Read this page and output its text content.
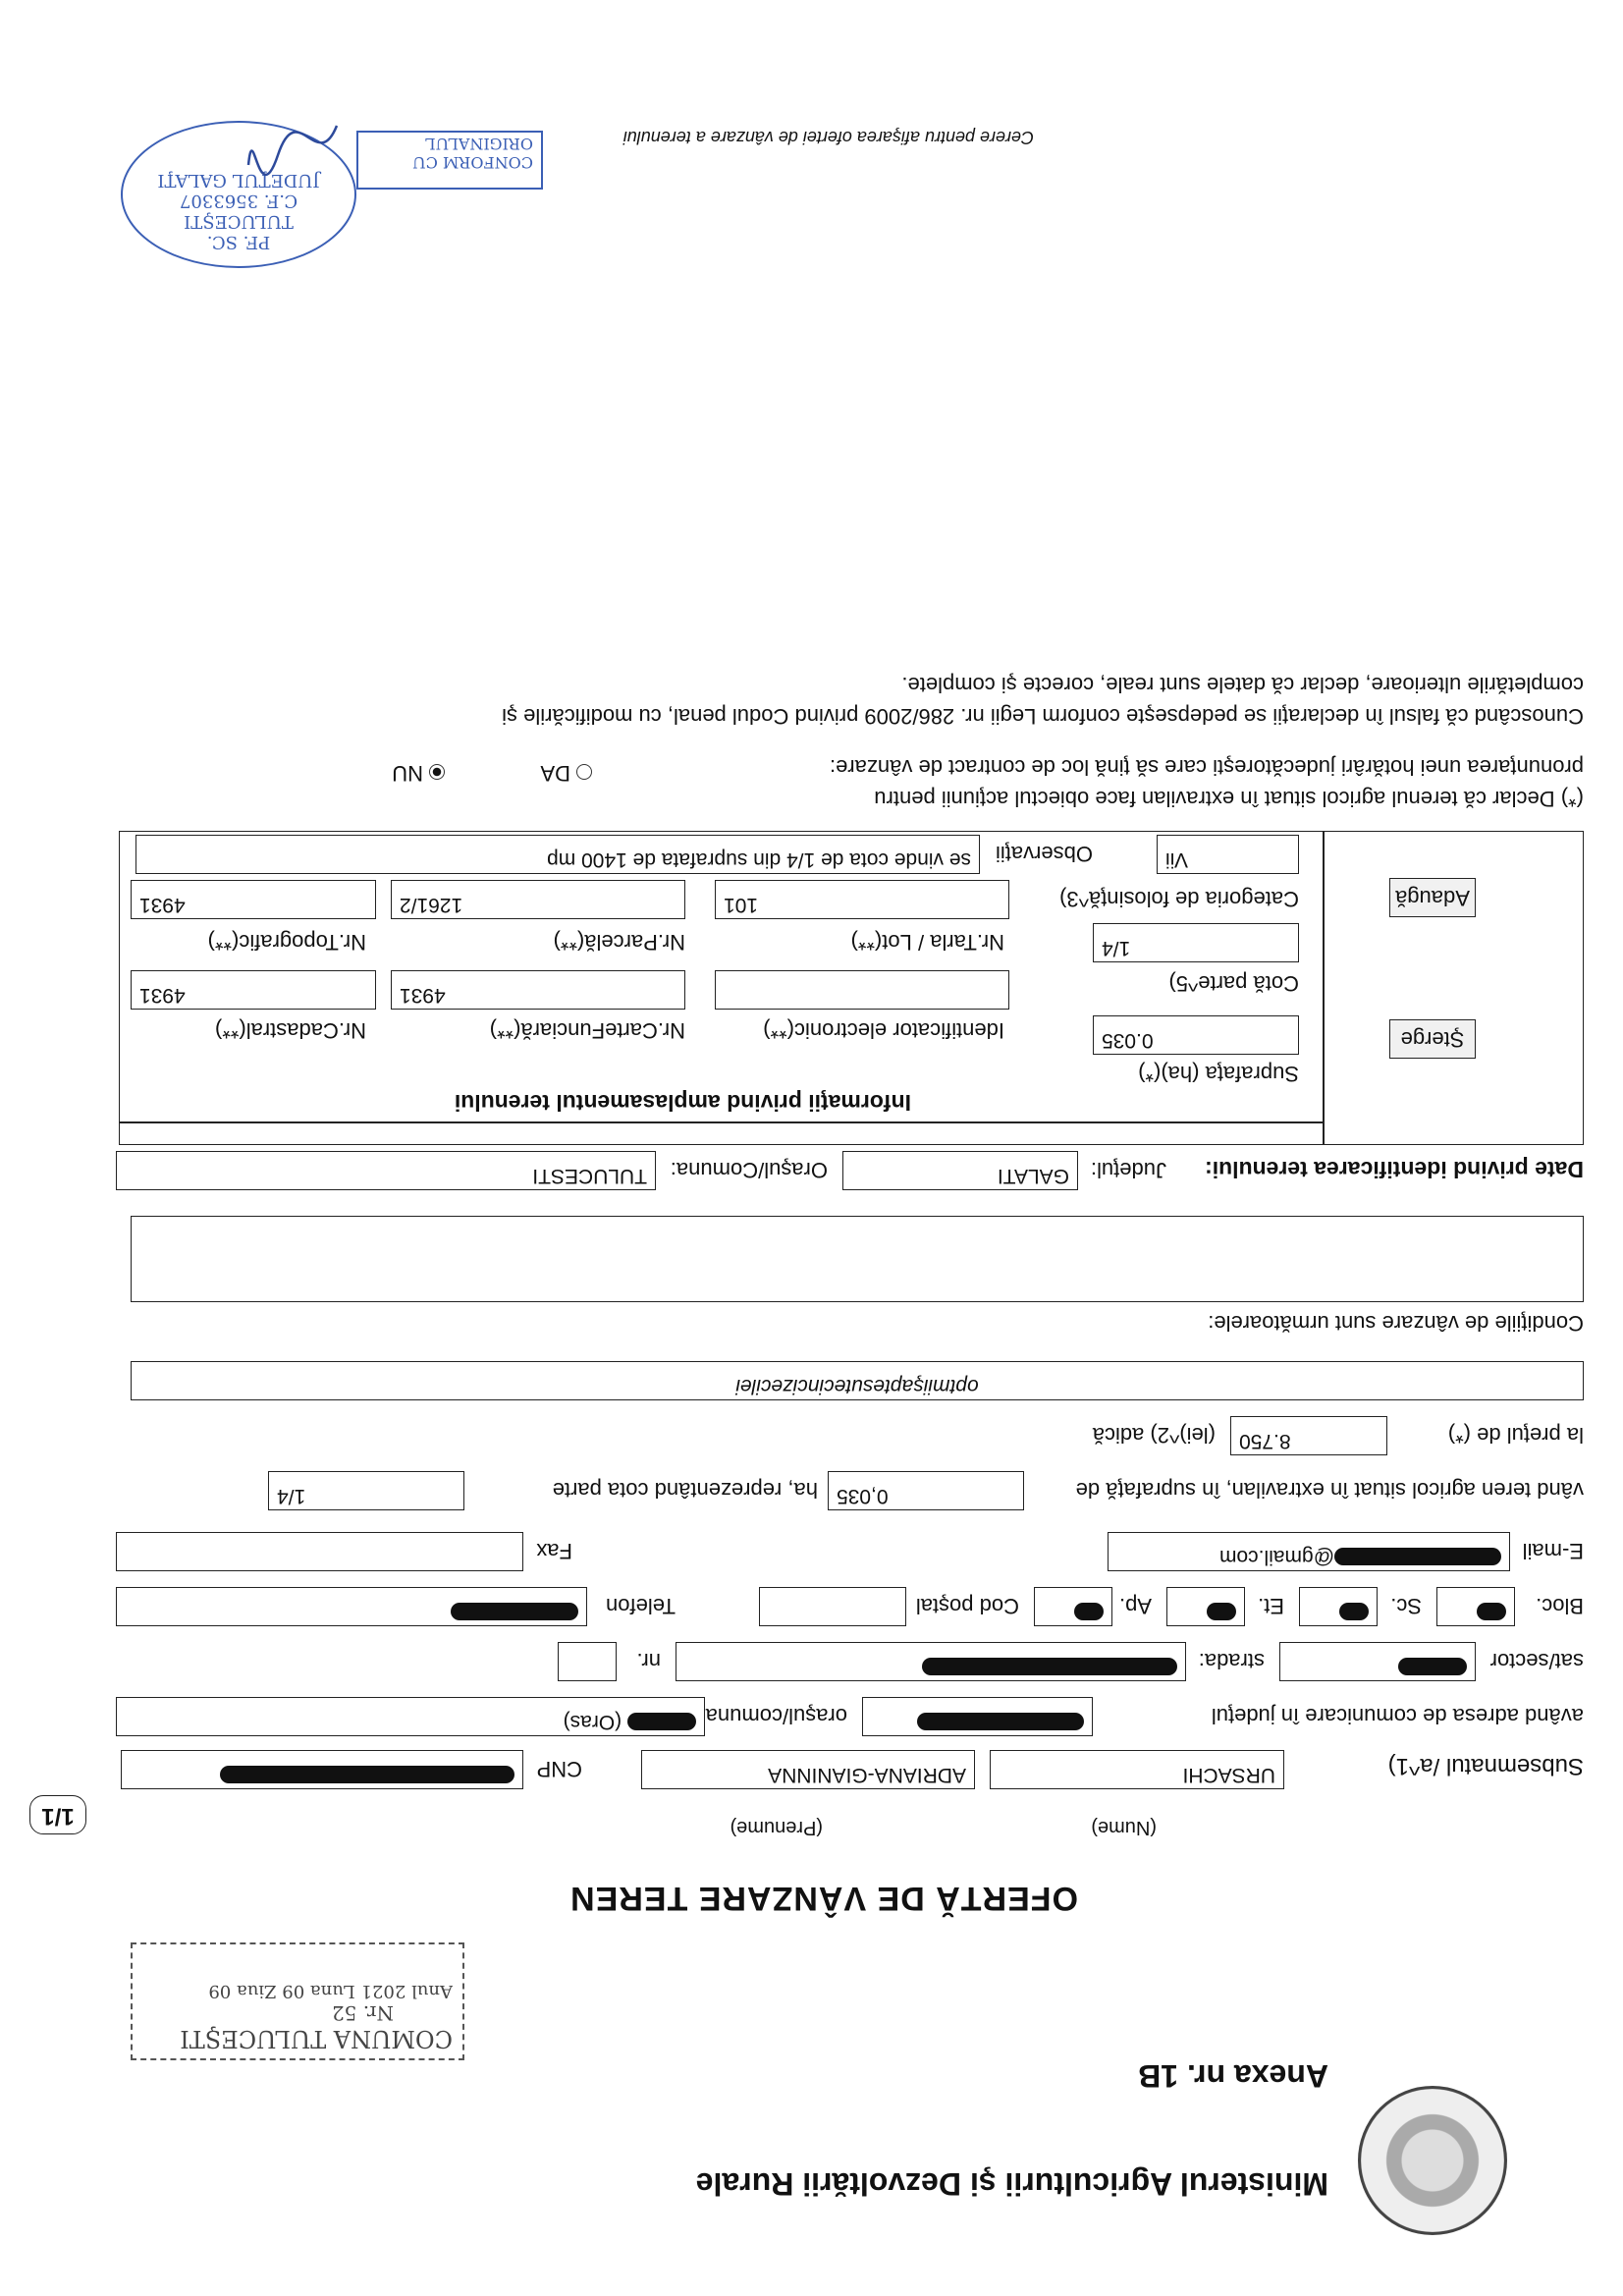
Ministerul Agriculturii şi Dezvoltării Rurale
Anexa nr. 1B
COMUNA TULUCEŞTI
Nr. 52
Anul 2021 Luna 09 Ziua 09
OFERTĂ DE VÂNZARE TEREN
(Nume)
(Prenume)
1/1
Subsemnatul /a^1)
URSACHI
ADRIANA-GIANINNA
CNP
având adresa de comunicare în judeţul
oraşul/comuna
(Oras)
sat/sector
strada:
nr.
Bloc.
Sc.
Et.
Ap.
Cod poştal
Telefon
E-mail
@gmail.com
Fax
vând teren agricol situat în extravilan, în suprafaţă de
0,035
ha, reprezentând cota parte
1/4
la preţul de (*)
8.750
(lei)^2) adică
optmiişaptesutecincizecilei
Condiţiile de vânzare sunt următoarele:
Date privind identificarea terenului:
Judeţul:
GALATI
Oraşul/Comuna:
TULUCESTI
Informaţii privind amplasamentul terenului
Şterge
Suprafaţa (ha)(*)
0.035
Identificator electronic(**)
Nr.CarteFunciară(**)
Nr.Cadastral(**)
Cotă parte^5)
4931
4931
1/4
Nr.Tarla / Lot(**)
Nr.Parcelă(**)
Nr.Topografic(**)
Adaugă
Categoria de folosinţă^3)
101
1261/2
4931
Vii
Observaţii
se vinde cota de 1/4 din suprafata de 1400 mp
(*) Declar că terenul agricol situat în extravilan face obiectul acţiunii pentru
pronunţarea unei hotărâri judecătoreşti care să ţină loc de contract de vânzare:
DA
NU
Cunoscând că falsul în declaraţii se pedepseşte conform Legii nr. 286/2009 privind Codul penal, cu modificările şi
completările ulterioare, declar că datele sunt reale, corecte şi complete.
PF. SC.
TULUCEŞTI
C.F. 3563307
JUDEŢUL GALAŢI
CONFORM CU ORIGINALUL	Cerere pentru afişarea ofertei de vânzare a terenului
